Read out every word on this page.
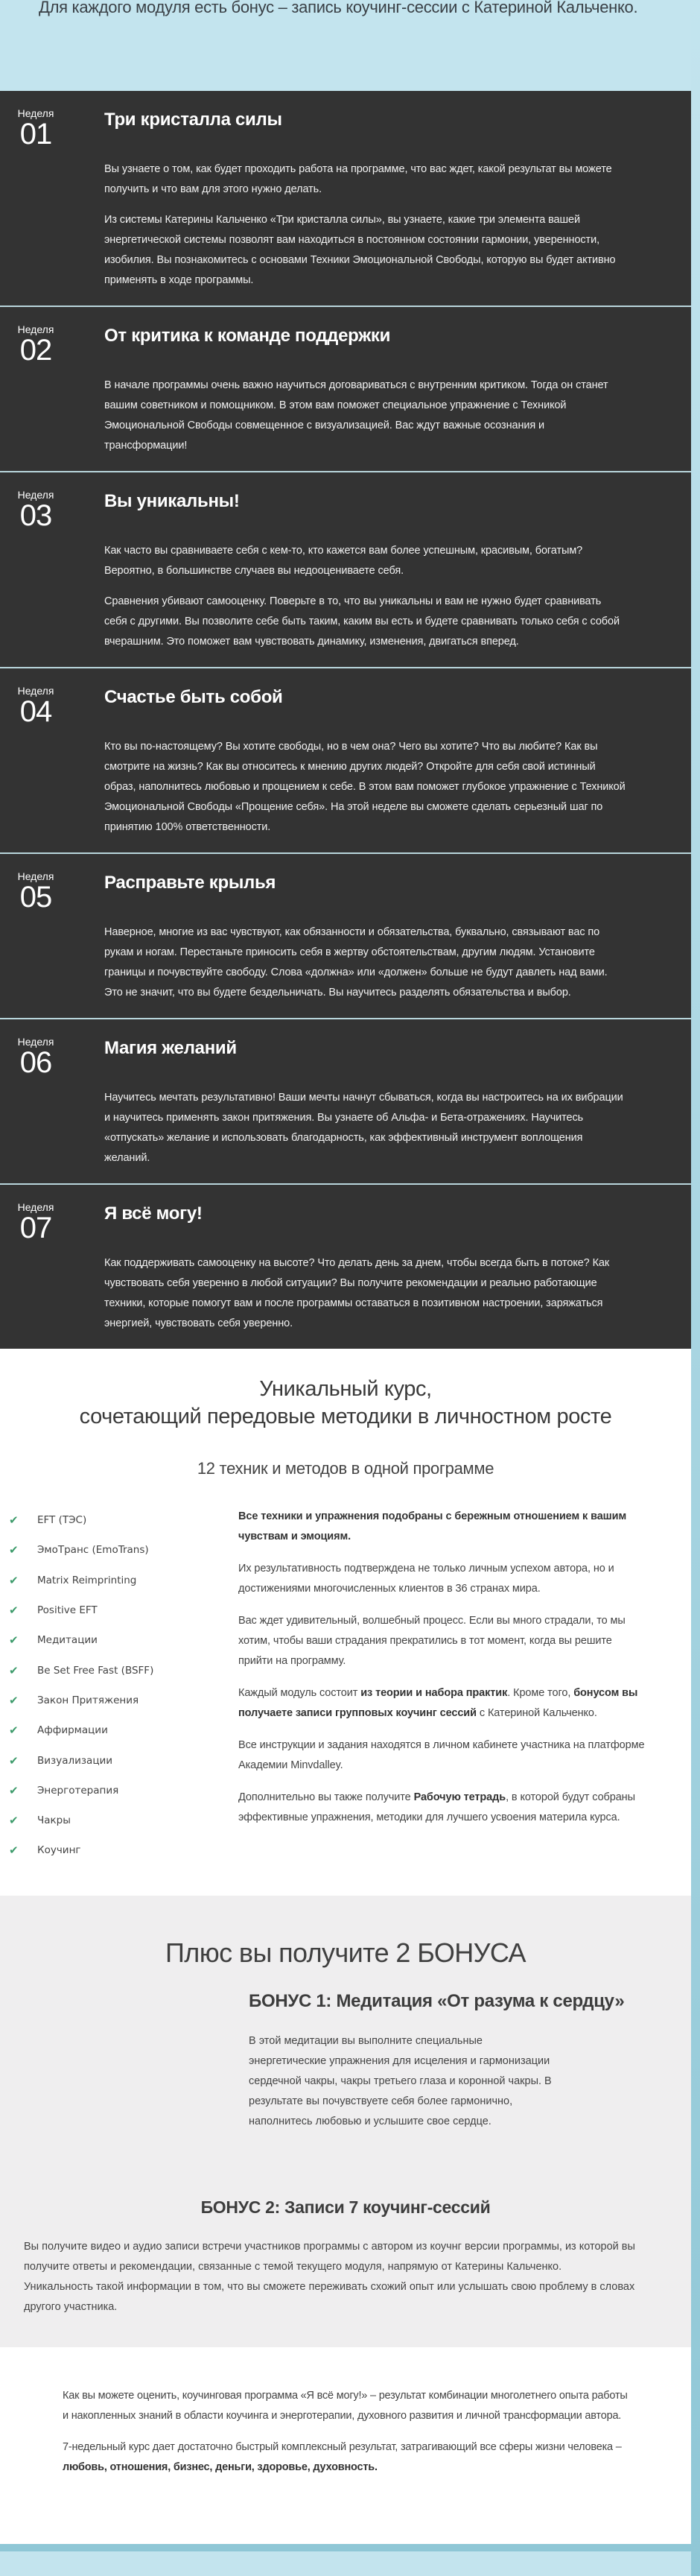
Для каждого модуля есть бонус – запись коучинг-сессии с Катериной Кальченко.

Неделя
01	Три кристалла силы

Вы узнаете о том, как будет проходить работа на программе, что вас ждет, какой результат вы можете получить и что вам для этого нужно делать.

Из системы Катерины Кальченко «Три кристалла силы», вы узнаете, какие три элемента вашей энергетической системы позволят вам находиться в постоянном состоянии гармонии, уверенности, изобилия. Вы познакомитесь с основами Техники Эмоциональной Свободы, которую вы будет активно применять в ходе программы.

Неделя
02	От критика к команде поддержки

В начале программы очень важно научиться договариваться с внутренним критиком. Тогда он станет вашим советником и помощником. В этом вам поможет специальное упражнение с Техникой Эмоциональной Свободы совмещенное с визуализацией. Вас ждут важные осознания и трансформации!

Неделя
03	Вы уникальны!

Как часто вы сравниваете себя с кем-то, кто кажется вам более успешным, красивым, богатым? Вероятно, в большинстве случаев вы недооцениваете себя.

Сравнения убивают самооценку. Поверьте в то, что вы уникальны и вам не нужно будет сравнивать себя с другими. Вы позволите себе быть таким, каким вы есть и будете сравнивать только себя с собой вчерашним. Это поможет вам чувствовать динамику, изменения, двигаться вперед.

Неделя
04	Счастье быть собой

Кто вы по-настоящему? Вы хотите свободы, но в чем она? Чего вы хотите? Что вы любите? Как вы смотрите на жизнь? Как вы относитесь к мнению других людей? Откройте для себя свой истинный образ, наполнитесь любовью и прощением к себе. В этом вам поможет глубокое упражнение с Техникой Эмоциональной Свободы «Прощение себя». На этой неделе вы сможете сделать серьезный шаг по принятию 100% ответственности.

Неделя
05	Расправьте крылья

Наверное, многие из вас чувствуют, как обязанности и обязательства, буквально, связывают вас по рукам и ногам. Перестаньте приносить себя в жертву обстоятельствам, другим людям. Установите границы и почувствуйте свободу. Слова «должна» или «должен» больше не будут давлеть над вами. Это не значит, что вы будете бездельничать. Вы научитесь разделять обязательства и выбор.

Неделя
06	Магия желаний

Научитесь мечтать результативно! Ваши мечты начнут сбываться, когда вы настроитесь на их вибрации и научитесь применять закон притяжения. Вы узнаете об Альфа- и Бета-отражениях. Научитесь «отпускать» желание и использовать благодарность, как эффективный инструмент воплощения желаний.

Неделя
07	Я всё могу!

Как поддерживать самооценку на высоте? Что делать день за днем, чтобы всегда быть в потоке? Как чувствовать себя уверенно в любой ситуации? Вы получите рекомендации и реально работающие техники, которые помогут вам и после программы оставаться в позитивном настроении, заряжаться энергией, чувствовать себя уверенно.

Уникальный курс,
сочетающий передовые методики в личностном росте
12 техник и методов в одной программе
✔	EFT (ТЭС)
✔	ЭмоТранс (EmoTrans)
✔	Matrix Reimprinting
✔	Positive EFT
✔	Медитации
✔	Be Set Free Fast (BSFF)
✔	Закон Притяжения
✔	Аффирмации
✔	Визуализации
✔	Энерготерапия
✔	Чакры
✔	Коучинг

Все техники и упражнения подобраны с бережным отношением к вашим чувствам и эмоциям.

Их результативность подтверждена не только личным успехом автора, но и достижениями многочисленных клиентов в 36 странах мира.

Вас ждет удивительный, волшебный процесс. Если вы много страдали, то мы хотим, чтобы ваши страдания прекратились в тот момент, когда вы решите прийти на программу.

Каждый модуль состоит из теории и набора практик. Кроме того, бонусом вы получаете записи групповых коучинг сессий с Катериной Кальченко.

Все инструкции и задания находятся в личном кабинете участника на платформе Академии Minvdalley.

Дополнительно вы также получите Рабочую тетрадь, в которой будут собраны эффективные упражнения, методики для лучшего усвоения материла курса.

Плюс вы получите 2 БОНУСА
БОНУС 1: Медитация «От разума к сердцу»

В этой медитации вы выполните специальные энергетические упражнения для исцеления и гармонизации сердечной чакры, чакры третьего глаза и коронной чакры. В результате вы почувствуете себя более гармонично, наполнитесь любовью и услышите свое сердце.

БОНУС 2: Записи 7 коучинг-сессий

Вы получите видео и аудио записи встречи участников программы с автором из коучнг версии программы, из которой вы получите ответы и рекомендации, связанные с темой текущего модуля, напрямую от Катерины Кальченко.
Уникальность такой информации в том, что вы сможете переживать схожий опыт или услышать свою проблему в словах другого участника.

Как вы можете оценить, коучинговая программа «Я всё могу!» – результат комбинации многолетнего опыта работы и накопленных знаний в области коучинга и энерготерапии, духовного развития и личной трансформации автора.

7-недельный курс дает достаточно быстрый комплексный результат, затрагивающий все сферы жизни человека – любовь, отношения, бизнес, деньги, здоровье, духовность.
